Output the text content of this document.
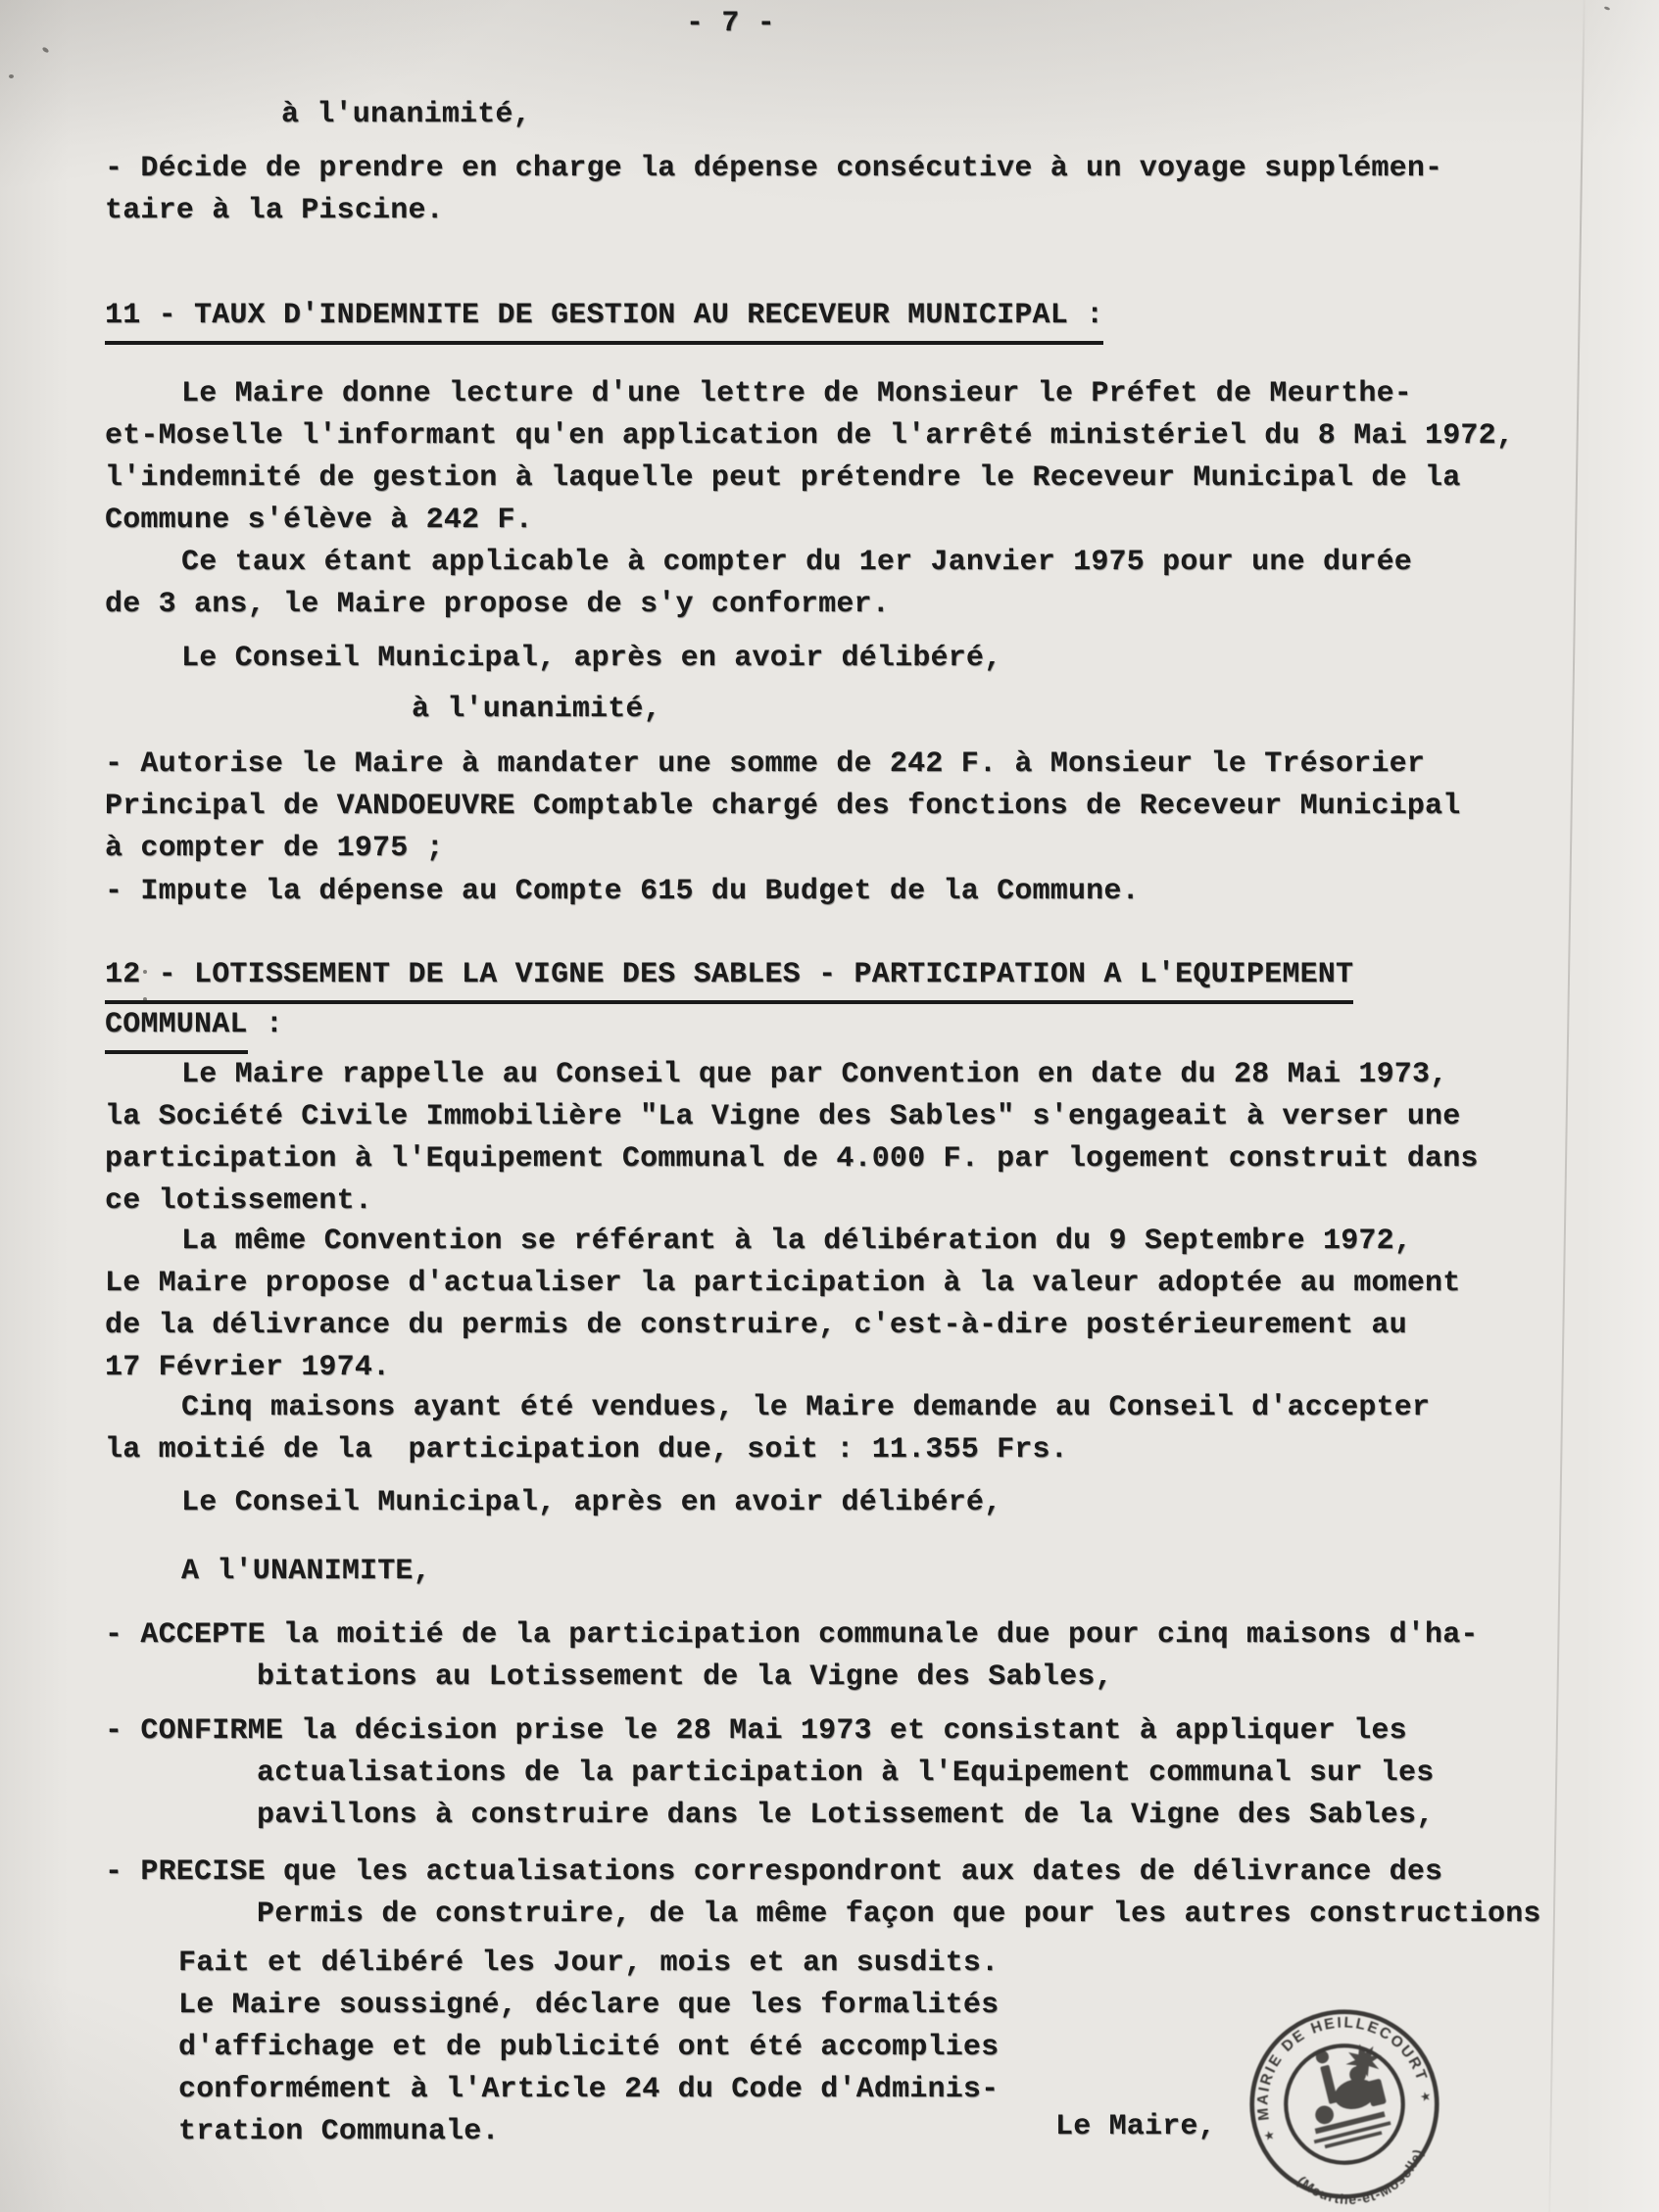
- 7 -
à l'unanimité,
- Décide de prendre en charge la dépense consécutive à un voyage supplémen-
taire à la Piscine.
11 - TAUX D'INDEMNITE DE GESTION AU RECEVEUR MUNICIPAL :
Le Maire donne lecture d'une lettre de Monsieur le Préfet de Meurthe-
et-Moselle l'informant qu'en application de l'arrêté ministériel du 8 Mai 1972,
l'indemnité de gestion à laquelle peut prétendre le Receveur Municipal de la
Commune s'élève à 242 F.
Ce taux étant applicable à compter du 1er Janvier 1975 pour une durée
de 3 ans, le Maire propose de s'y conformer.
Le Conseil Municipal, après en avoir délibéré,
à l'unanimité,
- Autorise le Maire à mandater une somme de 242 F. à Monsieur le Trésorier
Principal de VANDOEUVRE Comptable chargé des fonctions de Receveur Municipal
à compter de 1975 ;
- Impute la dépense au Compte 615 du Budget de la Commune.
12 - LOTISSEMENT DE LA VIGNE DES SABLES - PARTICIPATION A L'EQUIPEMENT
COMMUNAL :
Le Maire rappelle au Conseil que par Convention en date du 28 Mai 1973,
la Société Civile Immobilière "La Vigne des Sables" s'engageait à verser une
participation à l'Equipement Communal de 4.000 F. par logement construit dans
ce lotissement.
La même Convention se référant à la délibération du 9 Septembre 1972,
Le Maire propose d'actualiser la participation à la valeur adoptée au moment
de la délivrance du permis de construire, c'est-à-dire postérieurement au
17 Février 1974.
Cinq maisons ayant été vendues, le Maire demande au Conseil d'accepter
la moitié de la  participation due, soit : 11.355 Frs.
Le Conseil Municipal, après en avoir délibéré,
A l'UNANIMITE,
- ACCEPTE la moitié de la participation communale due pour cinq maisons d'ha-
bitations au Lotissement de la Vigne des Sables,
- CONFIRME la décision prise le 28 Mai 1973 et consistant à appliquer les
actualisations de la participation à l'Equipement communal sur les
pavillons à construire dans le Lotissement de la Vigne des Sables,
- PRECISE que les actualisations correspondront aux dates de délivrance des
Permis de construire, de la même façon que pour les autres constructions
Fait et délibéré les Jour, mois et an susdits.
Le Maire soussigné, déclare que les formalités
d'affichage et de publicité ont été accomplies
conformément à l'Article 24 du Code d'Adminis-
tration Communale.	Le Maire,	MAIRIE DE HEILLECOURT
(Meurthe-et-Moselle)
★
★
